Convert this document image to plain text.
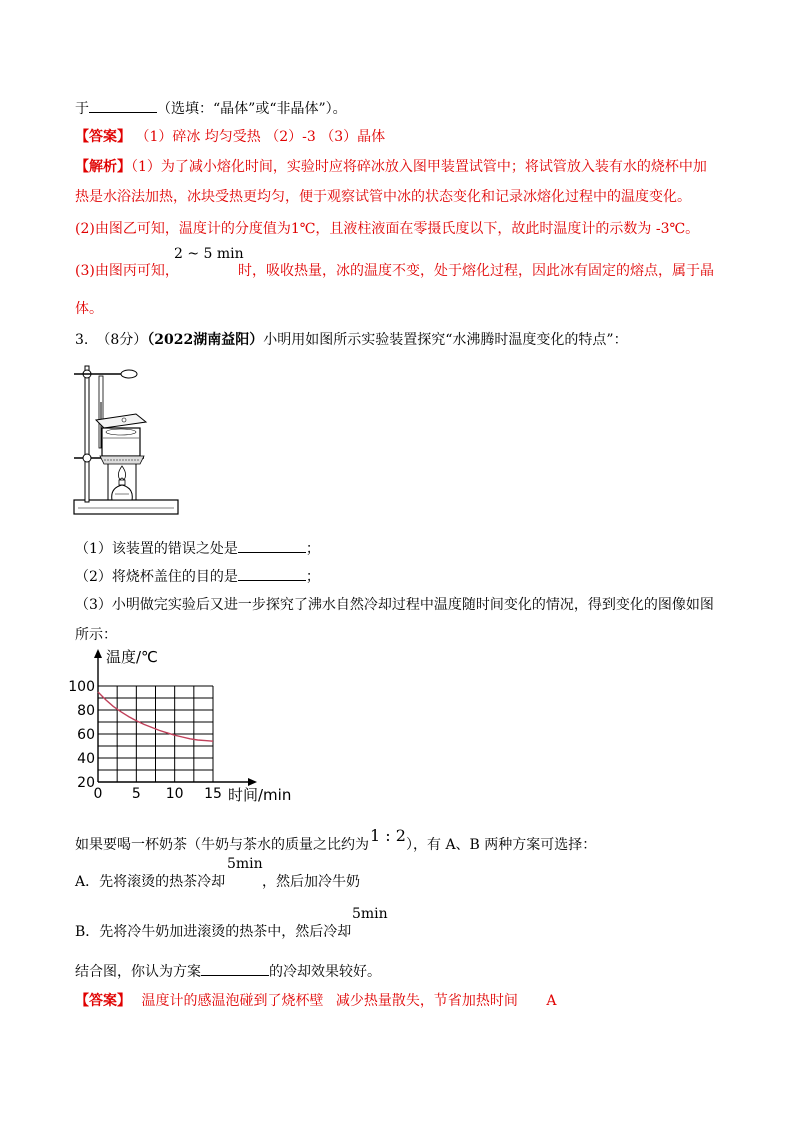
于	（选填：“晶体”或“非晶体”）。
【答案】 （1）碎冰 均匀受热 （2）-3 （3）晶体
【解析】（1）为了减小熔化时间，实验时应将碎冰放入图甲装置试管中；将试管放入装有水的烧杯中加
热是水浴法加热，冰块受热更均匀，便于观察试管中冰的状态变化和记录冰熔化过程中的温度变化。
(2)由图乙可知，温度计的分度值为1℃，且液柱液面在零摄氏度以下，故此时温度计的示数为 -3℃。
(3)由图丙可知，
2 ~ 5 min
时，吸收热量，冰的温度不变，处于熔化过程，因此冰有固定的熔点，属于晶
体。
3. （8分）（2022湖南益阳）小明用如图所示实验装置探究“水沸腾时温度变化的特点”：
（1）该装置的错误之处是	；
（2）将烧杯盖住的目的是	；
（3）小明做完实验后又进一步探究了沸水自然冷却过程中温度随时间变化的情况，得到变化的图像如图
所示：
温度/℃
时间/min
0 5 10 15
20
40
60
80
100
如果要喝一杯奶茶（牛奶与茶水的质量之比约为 1 : 2 ），有 A、B 两种方案可选择：
A．先将滚烫的热茶冷却
5min
，然后加冷牛奶
B．先将冷牛奶加进滚烫的热茶中，然后冷却
5min
结合图，你认为方案	的冷却效果较好。
【答案】 温度计的感温泡碰到了烧杯壁 减少热量散失，节省加热时间 A
